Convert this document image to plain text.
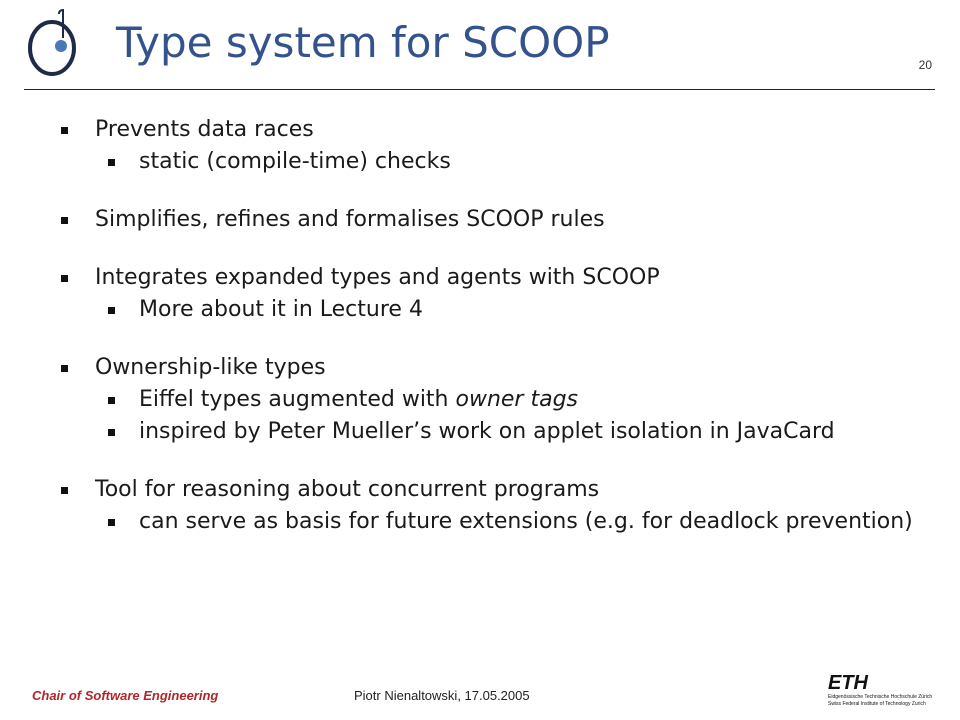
Type system for SCOOP	20
Prevents data races
static (compile-time) checks
Simplifies, refines and formalises SCOOP rules
Integrates expanded types and agents with SCOOP
More about it in Lecture 4
Ownership-like types
Eiffel types augmented with owner tags
inspired by Peter Mueller’s work on applet isolation in JavaCard
Tool for reasoning about concurrent programs
can serve as basis for future extensions (e.g. for deadlock prevention)
Chair of Software Engineering	Piotr Nienaltowski, 17.05.2005
ETH
Eidgenössische Technische Hochschule Zürich
Swiss Federal Institute of Technology Zurich
